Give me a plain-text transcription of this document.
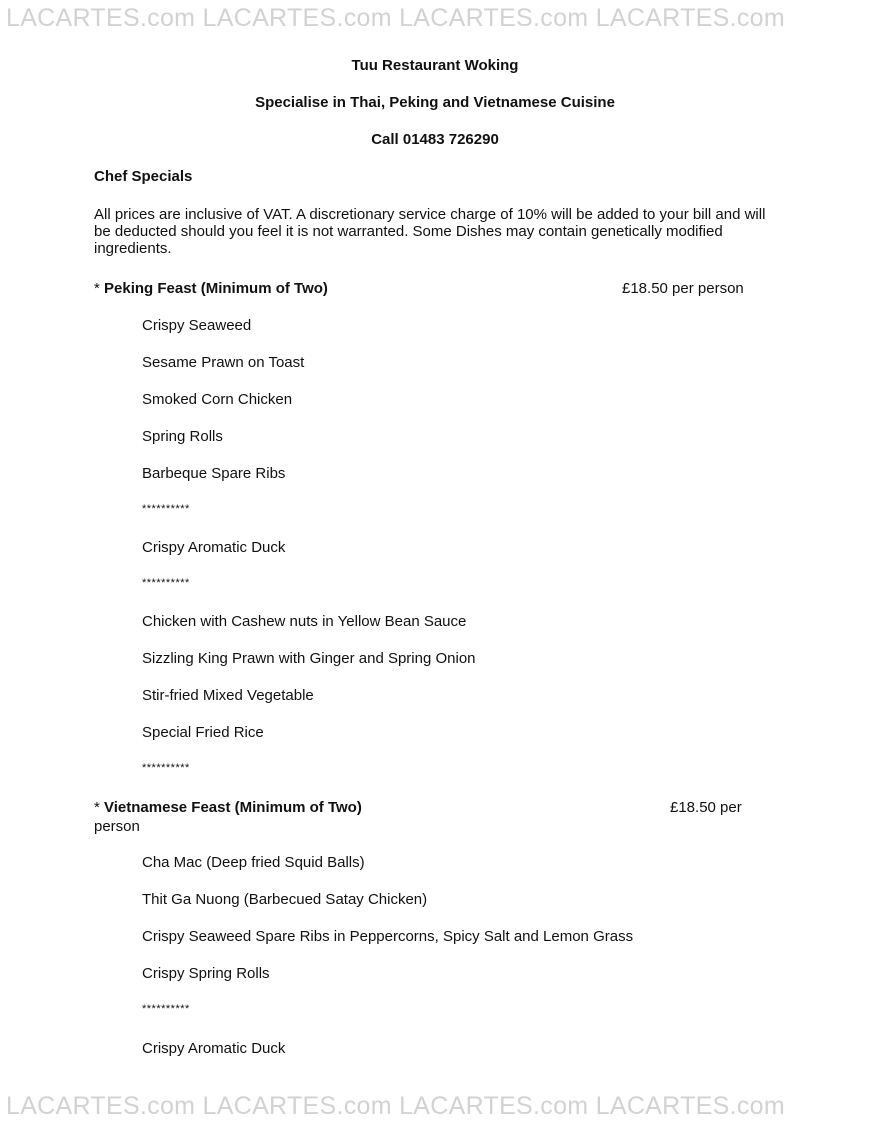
LACARTES.com LACARTES.com LACARTES.com LACARTES.com
Tuu Restaurant Woking
Specialise in Thai, Peking and Vietnamese Cuisine
Call 01483 726290
Chef Specials
All prices are inclusive of VAT. A discretionary service charge of 10% will be added to your bill and will be deducted should you feel it is not warranted. Some Dishes may contain genetically modified ingredients.
* Peking Feast (Minimum of Two)	£18.50 per person
Crispy Seaweed
Sesame Prawn on Toast
Smoked Corn Chicken
Spring Rolls
Barbeque Spare Ribs
**********
Crispy Aromatic Duck
**********
Chicken with Cashew nuts in Yellow Bean Sauce
Sizzling King Prawn with Ginger and Spring Onion
Stir-fried Mixed Vegetable
Special Fried Rice
**********
* Vietnamese Feast (Minimum of Two)	£18.50 per
person
Cha Mac (Deep fried Squid Balls)
Thit Ga Nuong (Barbecued Satay Chicken)
Crispy Seaweed Spare Ribs in Peppercorns, Spicy Salt and Lemon Grass
Crispy Spring Rolls
**********
Crispy Aromatic Duck
LACARTES.com LACARTES.com LACARTES.com LACARTES.com
